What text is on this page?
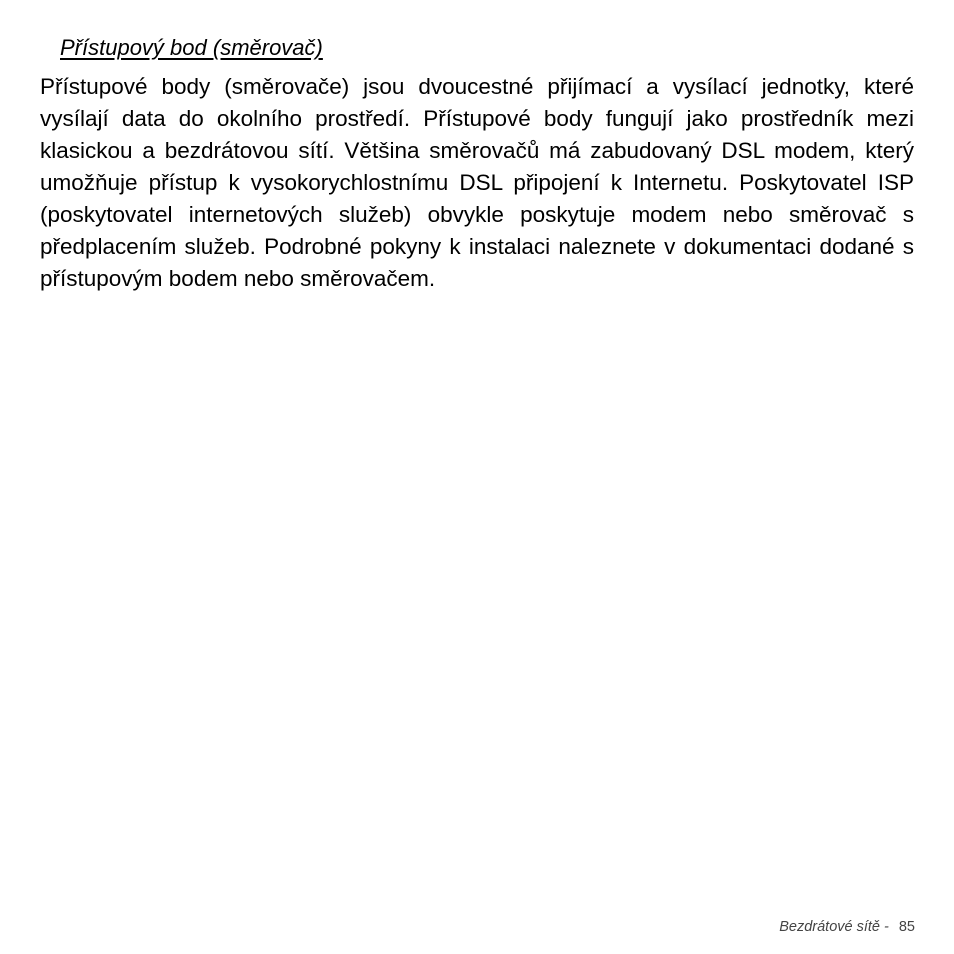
Přístupový bod (směrovač)

Přístupové body (směrovače) jsou dvoucestné přijímací a vysílací jednotky, které vysílají data do okolního prostředí. Přístupové body fungují jako prostředník mezi klasickou a bezdrátovou sítí. Většina směrovačů má zabudovaný DSL modem, který umožňuje přístup k vysokorychlostnímu DSL připojení k Internetu. Poskytovatel ISP (poskytovatel internetových služeb) obvykle poskytuje modem nebo směrovač s předplacením služeb. Podrobné pokyny k instalaci naleznete v dokumentaci dodané s přístupovým bodem nebo směrovačem.

Bezdrátové sítě - 85
